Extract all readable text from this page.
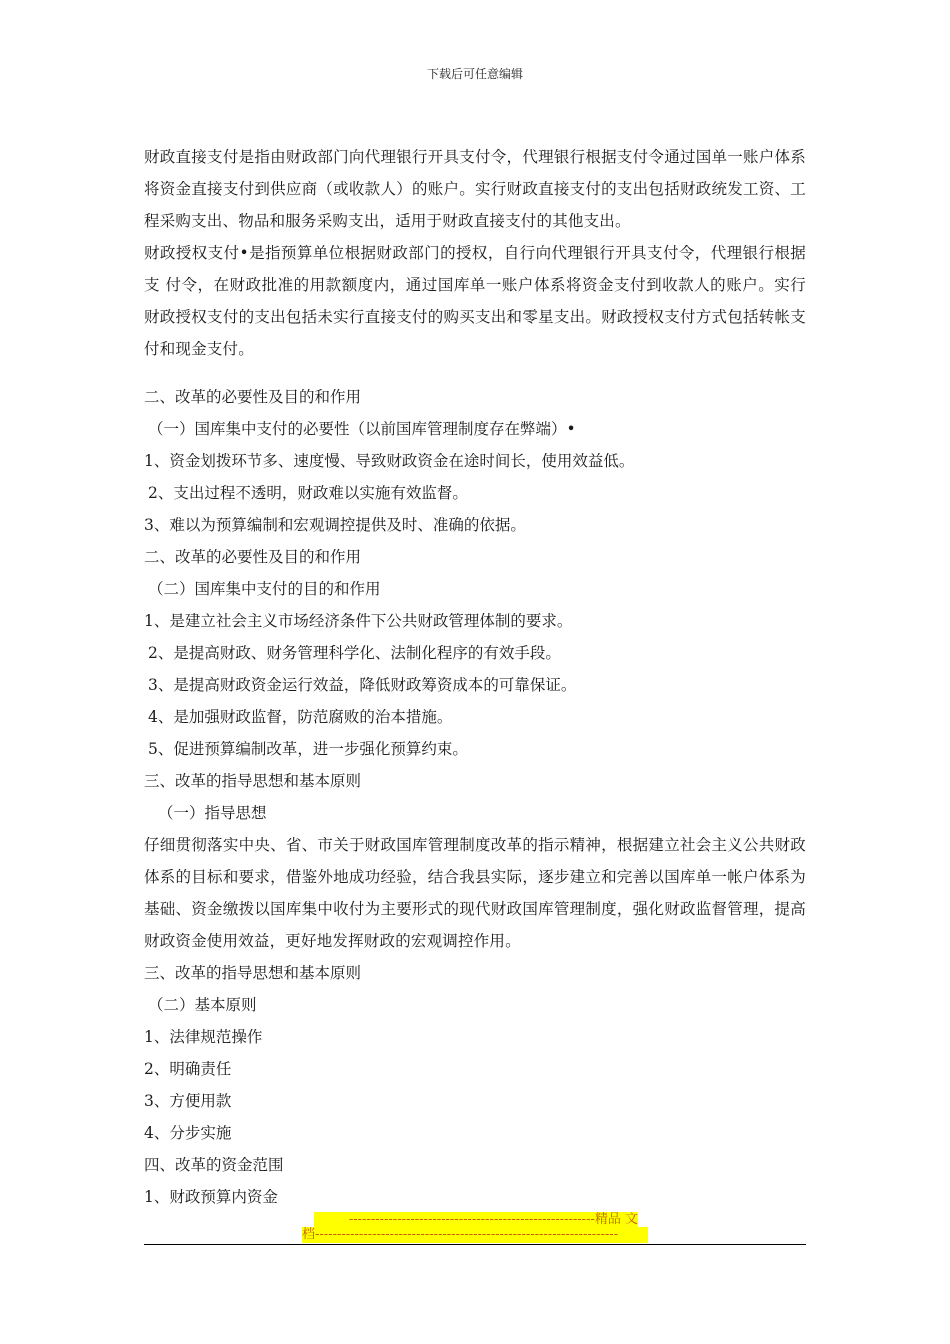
下载后可任意编辑

财政直接支付是指由财政部门向代理银行开具支付令，代理银行根据支付令通过国单一账户体系 将资金直接支付到供应商（或收款人）的账户。实行财政直接支付的支出包括财政统发工资、工程采购支出、物品和服务采购支出，适用于财政直接支付的其他支出。

财政授权支付•是指预算单位根据财政部门的授权，自行向代理银行开具支付令，代理银行根据支 付令，在财政批准的用款额度内，通过国库单一账户体系将资金支付到收款人的账户。实行财政授权支付的支出包括未实行直接支付的购买支出和零星支出。财政授权支付方式包括转帐支付和现金支付。

二、改革的必要性及目的和作用

（一）国库集中支付的必要性（以前国库管理制度存在弊端）•

1、资金划拨环节多、速度慢、导致财政资金在途时间长，使用效益低。

2、支出过程不透明，财政难以实施有效监督。

3、难以为预算编制和宏观调控提供及时、准确的依据。

二、改革的必要性及目的和作用

（二）国库集中支付的目的和作用

1、是建立社会主义市场经济条件下公共财政管理体制的要求。

2、是提高财政、财务管理科学化、法制化程序的有效手段。

3、是提高财政资金运行效益，降低财政筹资成本的可靠保证。

4、是加强财政监督，防范腐败的治本措施。

5、促进预算编制改革，进一步强化预算约束。

三、改革的指导思想和基本原则

（一）指导思想

仔细贯彻落实中央、省、市关于财政国库管理制度改革的指示精神，根据建立社会主义公共财政体系的目标和要求，借鉴外地成功经验，结合我县实际，逐步建立和完善以国库单一帐户体系为基础、资金缴拨以国库集中收付为主要形式的现代财政国库管理制度，强化财政监督管理，提高财政资金使用效益，更好地发挥财政的宏观调控作用。

三、改革的指导思想和基本原则

（二）基本原则

1、法律规范操作

2、明确责任

3、方便用款

4、分步实施

四、改革的资金范围

1、财政预算内资金

--------------------------------------------------------精品 文
档---------------------------------------------------------------------
